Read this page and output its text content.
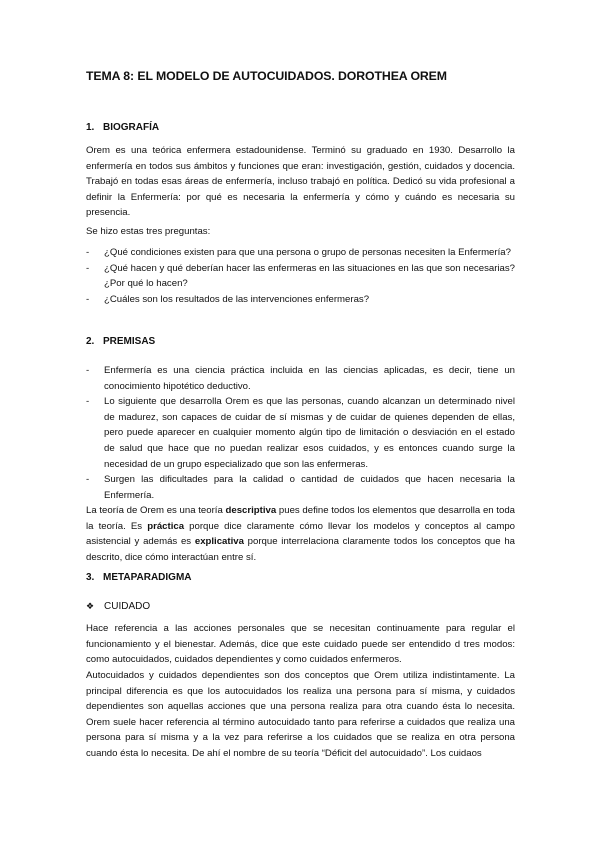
TEMA 8: EL MODELO DE AUTOCUIDADOS. DOROTHEA OREM
1. BIOGRAFÍA
Orem es una teórica enfermera estadounidense. Terminó su graduado en 1930. Desarrollo la enfermería en todos sus ámbitos y funciones que eran: investigación, gestión, cuidados y docencia. Trabajó en todas esas áreas de enfermería, incluso trabajó en política. Dedicó su vida profesional a definir la Enfermería: por qué es necesaria la enfermería y cómo y cuándo es necesaria su presencia.
Se hizo estas tres preguntas:
- ¿Qué condiciones existen para que una persona o grupo de personas necesiten la Enfermería?
- ¿Qué hacen y qué deberían hacer las enfermeras en las situaciones en las que son necesarias? ¿Por qué lo hacen?
- ¿Cuáles son los resultados de las intervenciones enfermeras?
2. PREMISAS
- Enfermería es una ciencia práctica incluida en las ciencias aplicadas, es decir, tiene un conocimiento hipotético deductivo.
- Lo siguiente que desarrolla Orem es que las personas, cuando alcanzan un determinado nivel de madurez, son capaces de cuidar de sí mismas y de cuidar de quienes dependen de ellas, pero puede aparecer en cualquier momento algún tipo de limitación o desviación en el estado de salud que hace que no puedan realizar esos cuidados, y es entonces cuando surge la necesidad de un grupo especializado que son las enfermeras.
- Surgen las dificultades para la calidad o cantidad de cuidados que hacen necesaria la Enfermería.
La teoría de Orem es una teoría descriptiva pues define todos los elementos que desarrolla en toda la teoría. Es práctica porque dice claramente cómo llevar los modelos y conceptos al campo asistencial y además es explicativa porque interrelaciona claramente todos los conceptos que ha descrito, dice cómo interactúan entre sí.
3. METAPARADIGMA
❖ CUIDADO
Hace referencia a las acciones personales que se necesitan continuamente para regular el funcionamiento y el bienestar. Además, dice que este cuidado puede ser entendido d tres modos: como autocuidados, cuidados dependientes y como cuidados enfermeros.
Autocuidados y cuidados dependientes son dos conceptos que Orem utiliza indistintamente. La principal diferencia es que los autocuidados los realiza una persona para sí misma, y cuidados dependientes son aquellas acciones que una persona realiza para otra cuando ésta lo necesita. Orem suele hacer referencia al término autocuidado tanto para referirse a cuidados que realiza una persona para sí misma y a la vez para referirse a los cuidados que se realiza en otra persona cuando ésta lo necesita. De ahí el nombre de su teoría “Déficit del autocuidado”. Los cuidaos
